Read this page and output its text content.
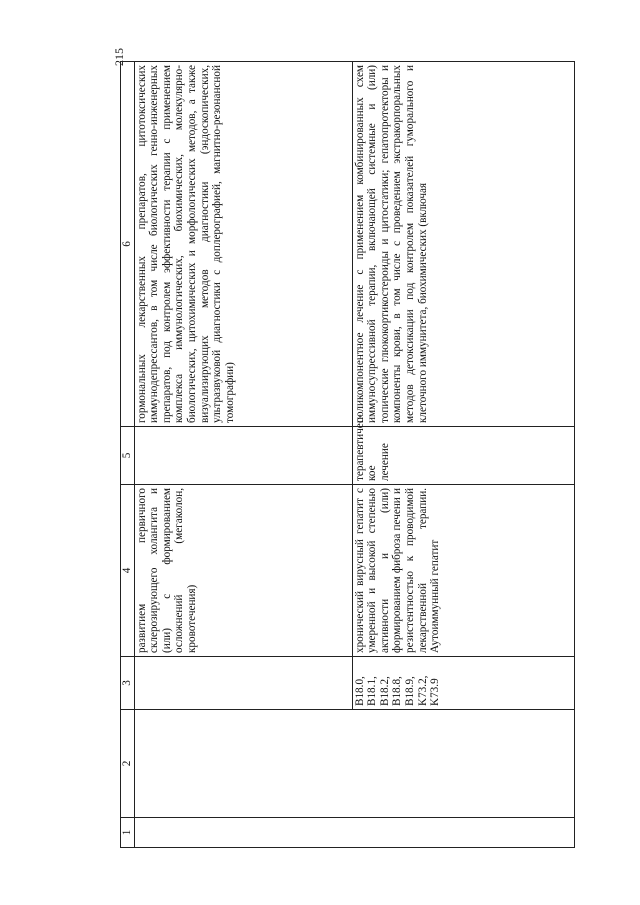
215
1	2	3	4	5	6
			развитием первичного склерозирующего холангита и (или) с формированием осложнений (мегаколон, кровотечения)		гормональных лекарственных препаратов, цитотоксических иммунодепрессантов, в том числе биологических генно-инженерных препаратов, под контролем эффективности терапии с применением комплекса иммунологических, биохимических, молекулярно-биологических, цитохимических и морфологических методов, а также визуализирующих методов диагностики (эндоскопических, ультразвуковой диагностики с доплерографией, магнитно-резонансной томографии)
		B18.0, B18.1, B18.2, B18.8, B18.9, K73.2, K73.9	хронический вирусный гепатит с умеренной и высокой степенью активности и (или) формированием фиброза печени и резистентностью к проводимой лекарственной терапии. Аутоиммунный гепатит	терапевтичес-кое лечение	поликомпонентное лечение с применением комбинированных схем иммуносупрессивной терапии, включающей системные и (или) топические глюкокортикостероиды и цитостатики; гепатопротекторы и компоненты крови, в том числе с проведением экстракорпоральных методов детоксикации под контролем показателей гуморального и клеточного иммунитета, биохимических (включая
